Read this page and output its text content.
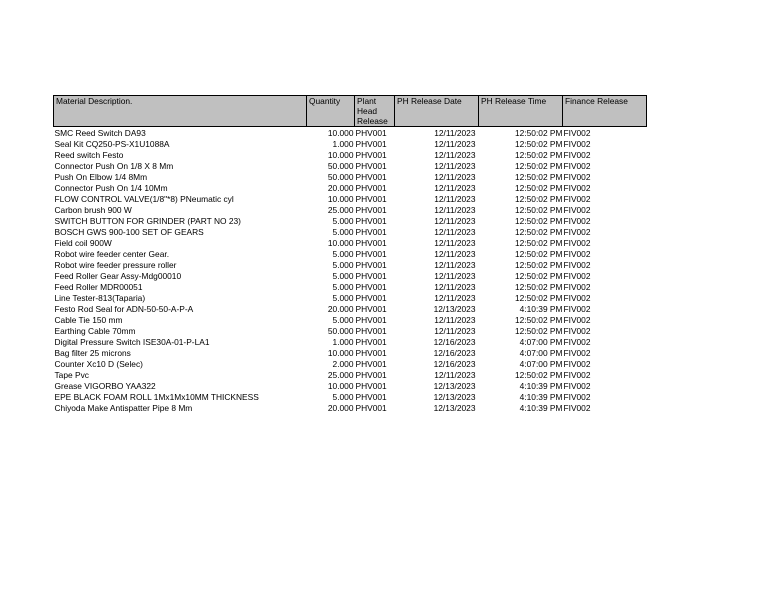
Material Description.	Quantity	Plant Head Release	PH Release Date	PH Release Time	Finance Release
SMC Reed Switch DA93	10.000	PHV001	12/11/2023	12:50:02 PM	FIV002
Seal Kit CQ250-PS-X1U1088A	1.000	PHV001	12/11/2023	12:50:02 PM	FIV002
Reed switch Festo	10.000	PHV001	12/11/2023	12:50:02 PM	FIV002
Connector Push On 1/8 X 8 Mm	50.000	PHV001	12/11/2023	12:50:02 PM	FIV002
Push On Elbow 1/4 8Mm	50.000	PHV001	12/11/2023	12:50:02 PM	FIV002
Connector Push On 1/4 10Mm	20.000	PHV001	12/11/2023	12:50:02 PM	FIV002
FLOW CONTROL VALVE(1/8"*8) PNeumatic cyl	10.000	PHV001	12/11/2023	12:50:02 PM	FIV002
Carbon brush 900 W	25.000	PHV001	12/11/2023	12:50:02 PM	FIV002
SWITCH BUTTON FOR GRINDER (PART NO 23)	5.000	PHV001	12/11/2023	12:50:02 PM	FIV002
BOSCH GWS 900-100 SET OF GEARS	5.000	PHV001	12/11/2023	12:50:02 PM	FIV002
Field coil 900W	10.000	PHV001	12/11/2023	12:50:02 PM	FIV002
Robot wire feeder center Gear.	5.000	PHV001	12/11/2023	12:50:02 PM	FIV002
Robot wire feeder pressure roller	5.000	PHV001	12/11/2023	12:50:02 PM	FIV002
Feed Roller Gear Assy-Mdg00010	5.000	PHV001	12/11/2023	12:50:02 PM	FIV002
Feed Roller MDR00051	5.000	PHV001	12/11/2023	12:50:02 PM	FIV002
Line Tester-813(Taparia)	5.000	PHV001	12/11/2023	12:50:02 PM	FIV002
Festo Rod Seal for ADN-50-50-A-P-A	20.000	PHV001	12/13/2023	4:10:39 PM	FIV002
Cable Tie 150 mm	5.000	PHV001	12/11/2023	12:50:02 PM	FIV002
Earthing Cable 70mm	50.000	PHV001	12/11/2023	12:50:02 PM	FIV002
Digital Pressure Switch ISE30A-01-P-LA1	1.000	PHV001	12/16/2023	4:07:00 PM	FIV002
Bag filter 25 microns	10.000	PHV001	12/16/2023	4:07:00 PM	FIV002
Counter Xc10 D (Selec)	2.000	PHV001	12/16/2023	4:07:00 PM	FIV002
Tape Pvc	25.000	PHV001	12/11/2023	12:50:02 PM	FIV002
Grease VIGORBO YAA322	10.000	PHV001	12/13/2023	4:10:39 PM	FIV002
EPE BLACK FOAM ROLL 1Mx1Mx10MM THICKNESS	5.000	PHV001	12/13/2023	4:10:39 PM	FIV002
Chiyoda Make Antispatter Pipe 8 Mm	20.000	PHV001	12/13/2023	4:10:39 PM	FIV002
